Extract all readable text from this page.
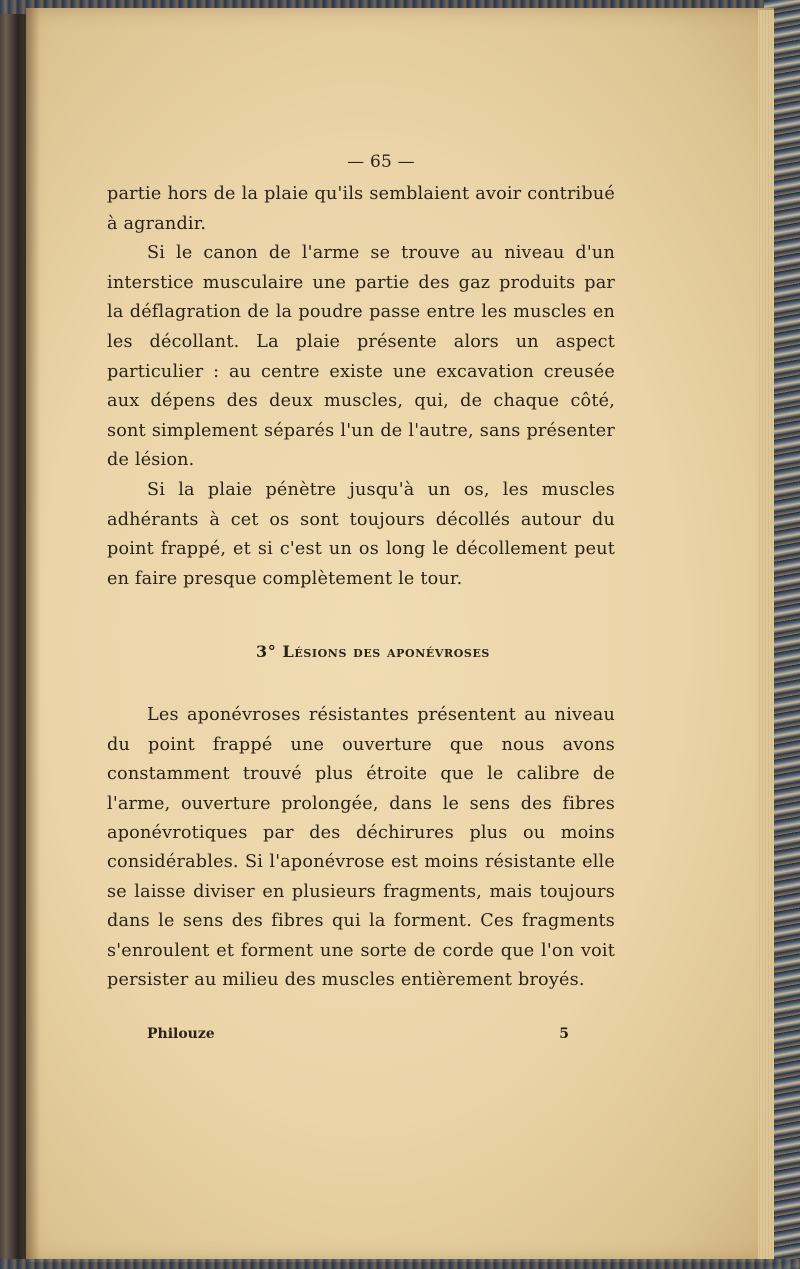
— 65 —

partie hors de la plaie qu'ils semblaient avoir contribué à agrandir.

Si le canon de l'arme se trouve au niveau d'un interstice musculaire une partie des gaz produits par la déflagration de la poudre passe entre les muscles en les décollant. La plaie présente alors un aspect particulier : au centre existe une excavation creusée aux dépens des deux muscles, qui, de chaque côté, sont simplement séparés l'un de l'autre, sans présenter de lésion.

Si la plaie pénètre jusqu'à un os, les muscles adhérants à cet os sont toujours décollés autour du point frappé, et si c'est un os long le décollement peut en faire presque complètement le tour.

3° Lésions des aponévroses

Les aponévroses résistantes présentent au niveau du point frappé une ouverture que nous avons constamment trouvé plus étroite que le calibre de l'arme, ouverture prolongée, dans le sens des fibres aponévrotiques par des déchirures plus ou moins considérables. Si l'aponévrose est moins résistante elle se laisse diviser en plusieurs fragments, mais toujours dans le sens des fibres qui la forment. Ces fragments s'enroulent et forment une sorte de corde que l'on voit persister au milieu des muscles entièrement broyés.

Philouze	5
